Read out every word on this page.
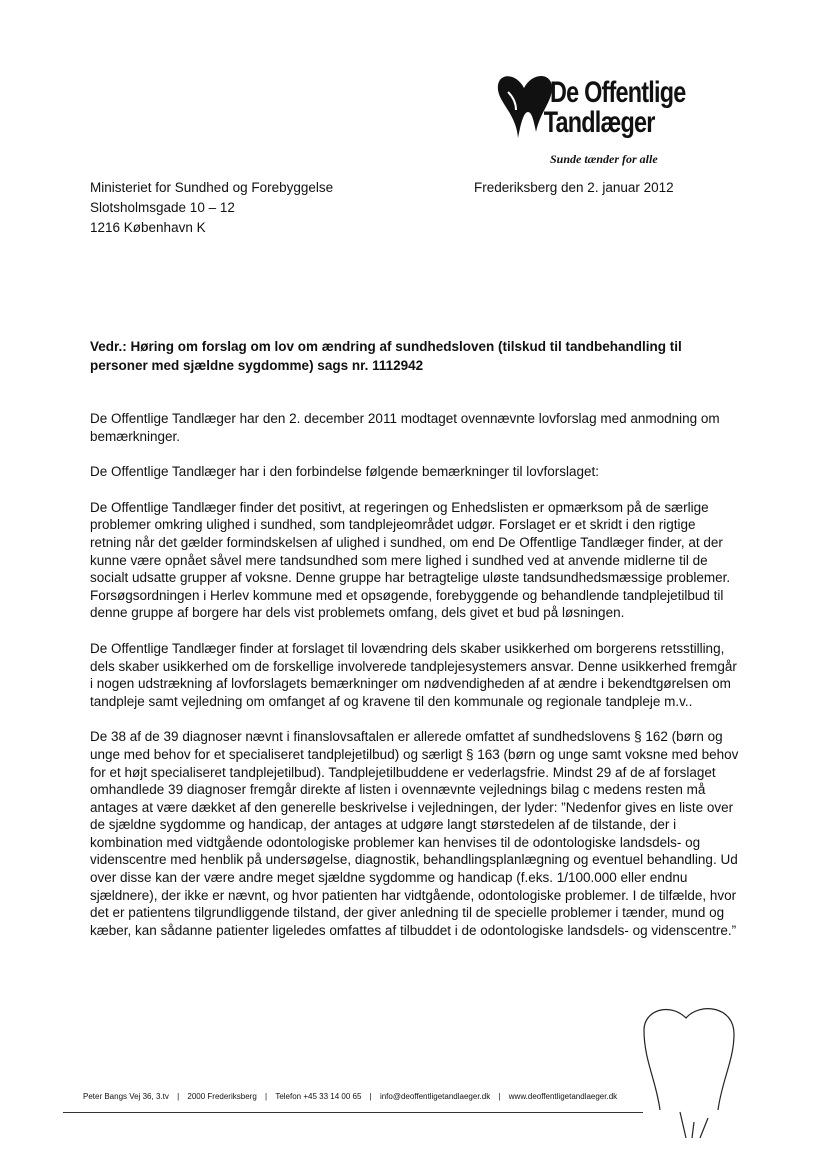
De Offentlige
Tandlæger
Sunde tænder for alle
Ministeriet for Sundhed og Forebyggelse
Slotsholmsgade 10 – 12
1216 København K
Frederiksberg den 2. januar 2012
Vedr.: Høring om forslag om lov om ændring af sundhedsloven (tilskud til tandbehandling til personer med sjældne sygdomme) sags nr. 1112942

De Offentlige Tandlæger har den 2. december 2011 modtaget ovennævnte lovforslag med anmodning om bemærkninger.

De Offentlige Tandlæger har i den forbindelse følgende bemærkninger til lovforslaget:

De Offentlige Tandlæger finder det positivt, at regeringen og Enhedslisten er opmærksom på de særlige problemer omkring ulighed i sundhed, som tandplejeområdet udgør. Forslaget er et skridt i den rigtige retning når det gælder formindskelsen af ulighed i sundhed, om end De Offentlige Tandlæger finder, at der kunne være opnået såvel mere tandsundhed som mere lighed i sundhed ved at anvende midlerne til de socialt udsatte grupper af voksne. Denne gruppe har betragtelige uløste tandsundhedsmæssige problemer. Forsøgsordningen i Herlev kommune med et opsøgende, forebyggende og behandlende tandplejetilbud til denne gruppe af borgere har dels vist problemets omfang, dels givet et bud på løsningen.

De Offentlige Tandlæger finder at forslaget til lovændring dels skaber usikkerhed om borgerens retsstilling, dels skaber usikkerhed om de forskellige involverede tandplejesystemers ansvar. Denne usikkerhed fremgår i nogen udstrækning af lovforslagets bemærkninger om nødvendigheden af at ændre i bekendtgørelsen om tandpleje samt vejledning om omfanget af og kravene til den kommunale og regionale tandpleje m.v..

De 38 af de 39 diagnoser nævnt i finanslovsaftalen er allerede omfattet af sundhedslovens § 162 (børn og unge med behov for et specialiseret tandplejetilbud) og særligt § 163 (børn og unge samt voksne med behov for et højt specialiseret tandplejetilbud). Tandplejetilbuddene er vederlagsfrie. Mindst 29 af de af forslaget omhandlede 39 diagnoser fremgår direkte af listen i ovennævnte vejlednings bilag c medens resten må antages at være dækket af den generelle beskrivelse i vejledningen, der lyder: ”Nedenfor gives en liste over de sjældne sygdomme og handicap, der antages at udgøre langt størstedelen af de tilstande, der i kombination med vidtgående odontologiske problemer kan henvises til de odontologiske landsdels- og videnscentre med henblik på undersøgelse, diagnostik, behandlingsplanlægning og eventuel behandling. Ud over disse kan der være andre meget sjældne sygdomme og handicap (f.eks. 1/100.000 eller endnu sjældnere), der ikke er nævnt, og hvor patienten har vidtgående, odontologiske problemer. I de tilfælde, hvor det er patientens tilgrundliggende tilstand, der giver anledning til de specielle problemer i tænder, mund og kæber, kan sådanne patienter ligeledes omfattes af tilbuddet i de odontologiske landsdels- og videnscentre.”

Peter Bangs Vej 36, 3.tv | 2000 Frederiksberg | Telefon +45 33 14 00 65 | info@deoffentligetandlaeger.dk | www.deoffentligetandlaeger.dk
